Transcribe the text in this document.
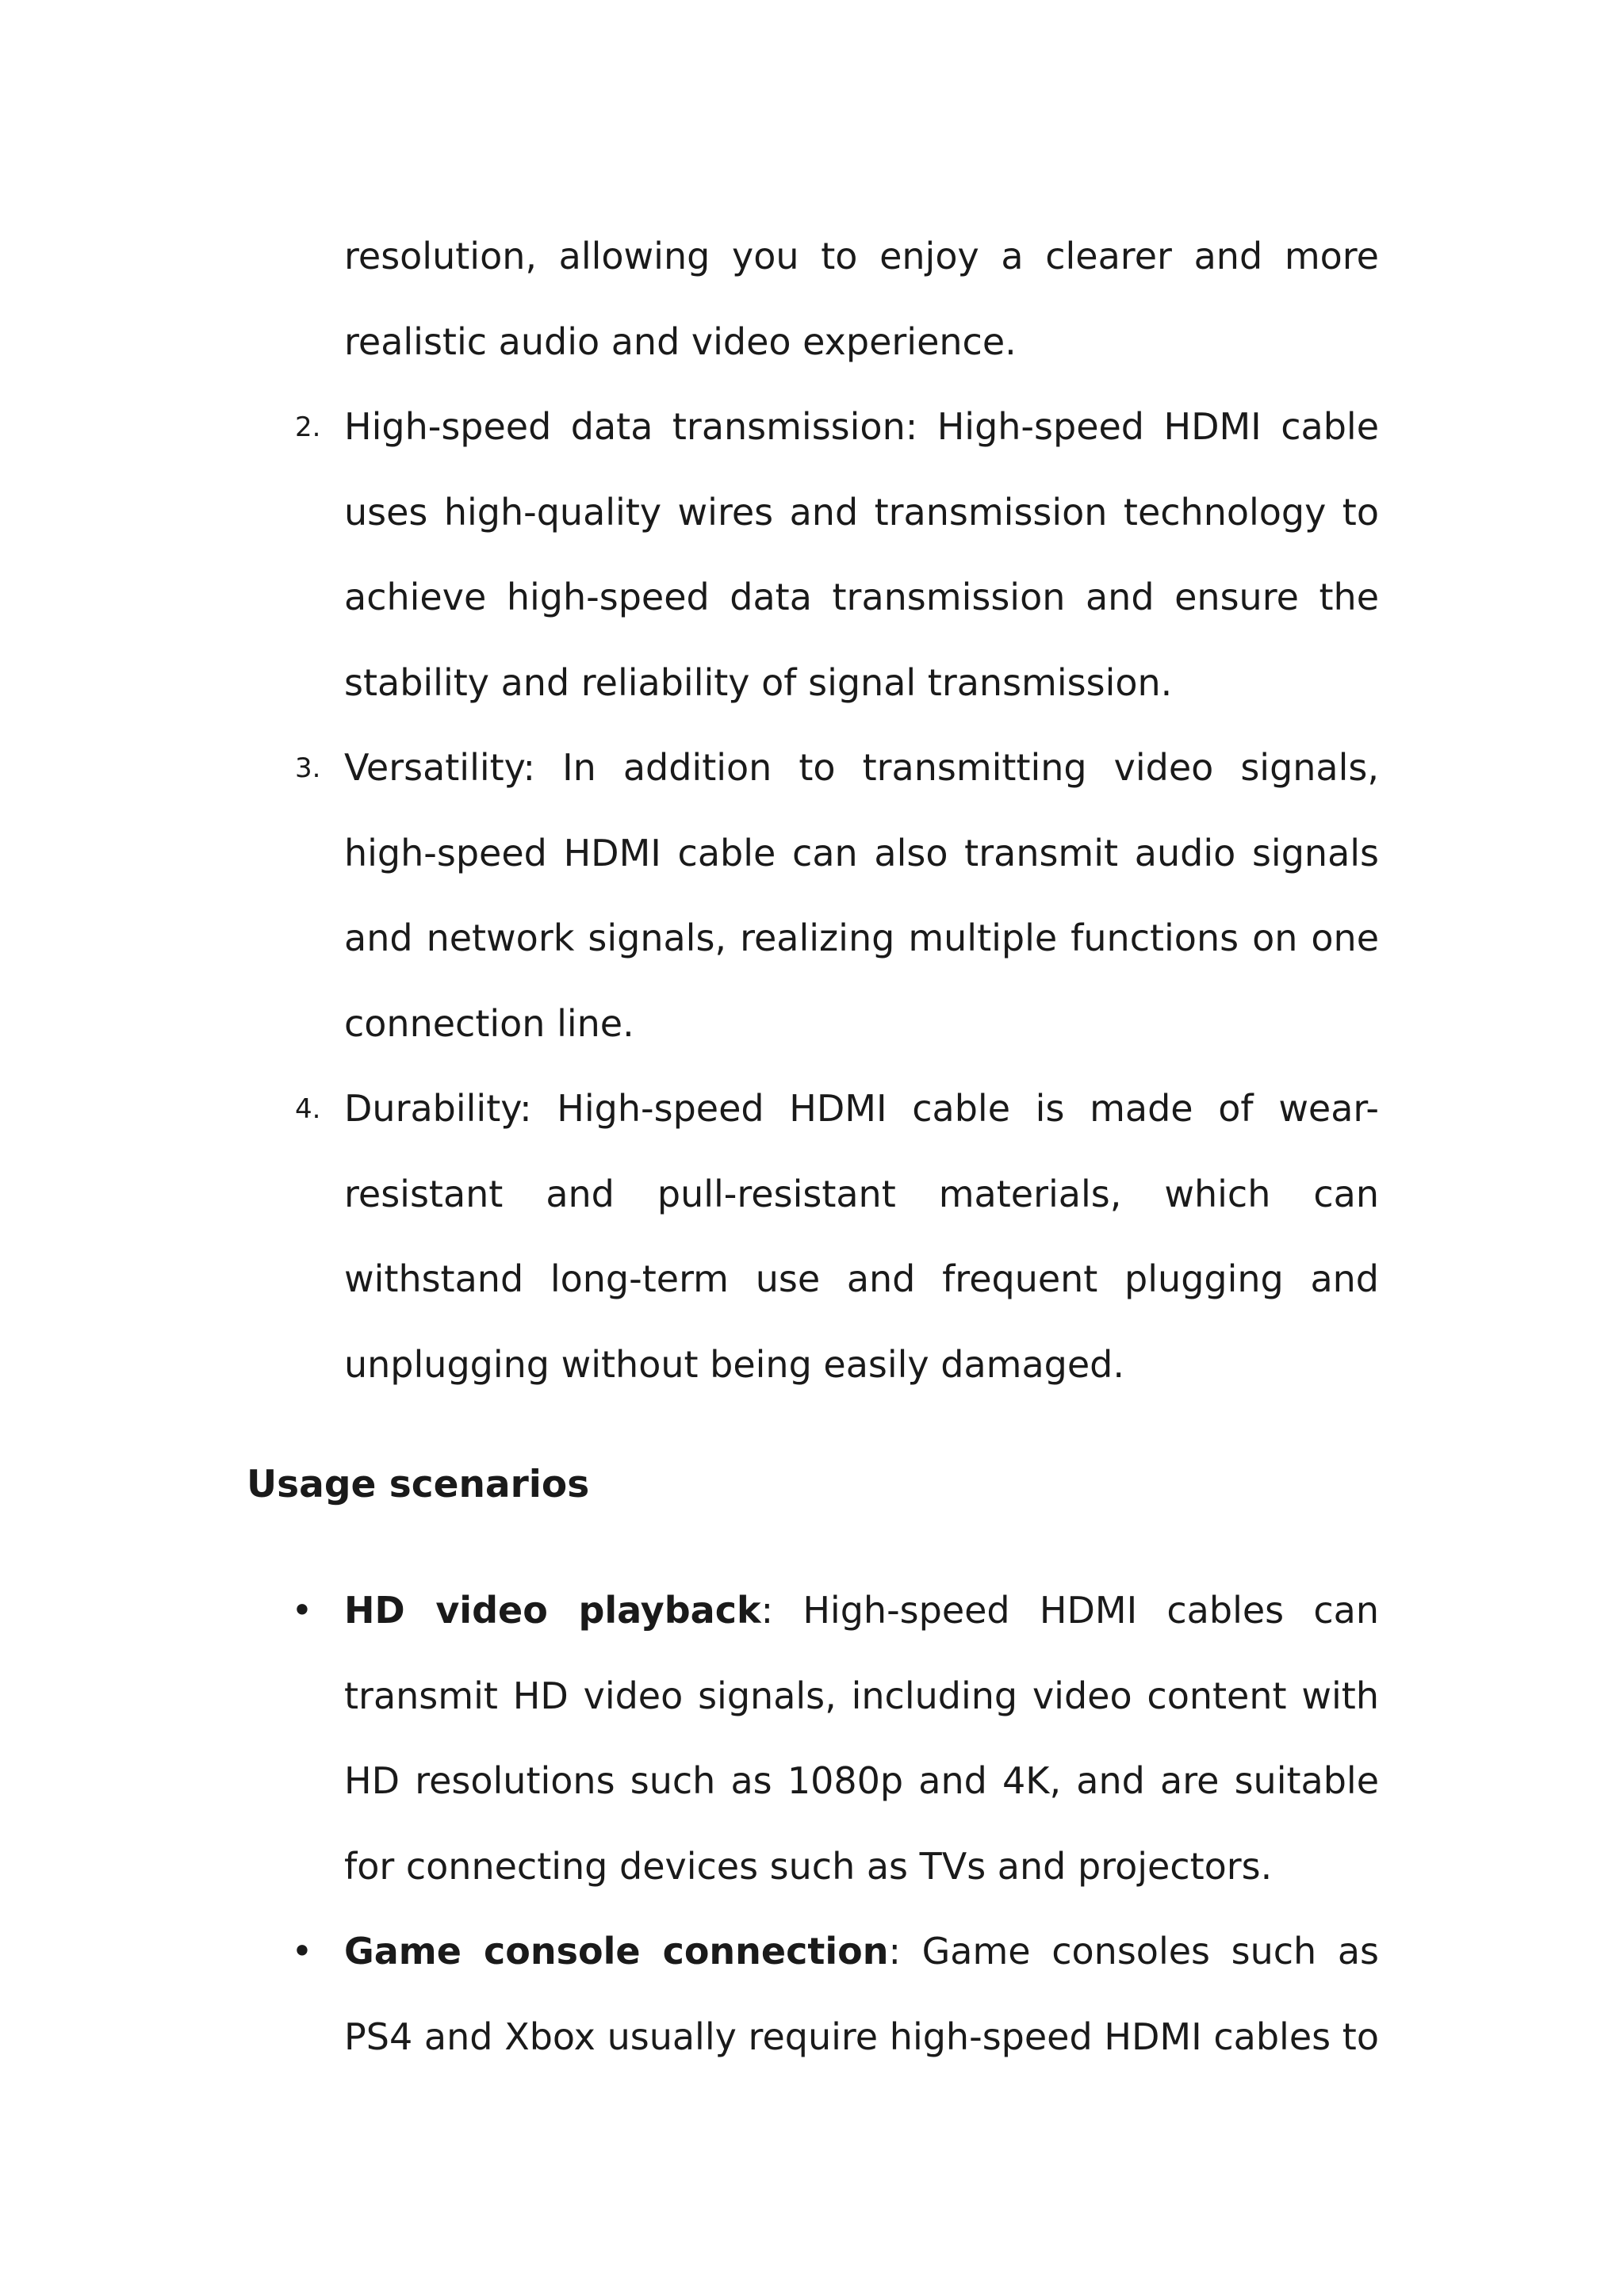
resolution, allowing you to enjoy a clearer and more realistic audio and video experience.
2. High-speed data transmission: High-speed HDMI cable uses high-quality wires and transmission technology to achieve high-speed data transmission and ensure the stability and reliability of signal transmission.
3. Versatility: In addition to transmitting video signals, high-speed HDMI cable can also transmit audio signals and network signals, realizing multiple functions on one connection line.
4. Durability: High-speed HDMI cable is made of wear-resistant and pull-resistant materials, which can withstand long-term use and frequent plugging and unplugging without being easily damaged.
Usage scenarios
• HD video playback: High-speed HDMI cables can transmit HD video signals, including video content with HD resolutions such as 1080p and 4K, and are suitable for connecting devices such as TVs and projectors.
• Game console connection: Game consoles such as PS4 and Xbox usually require high-speed HDMI cables to
